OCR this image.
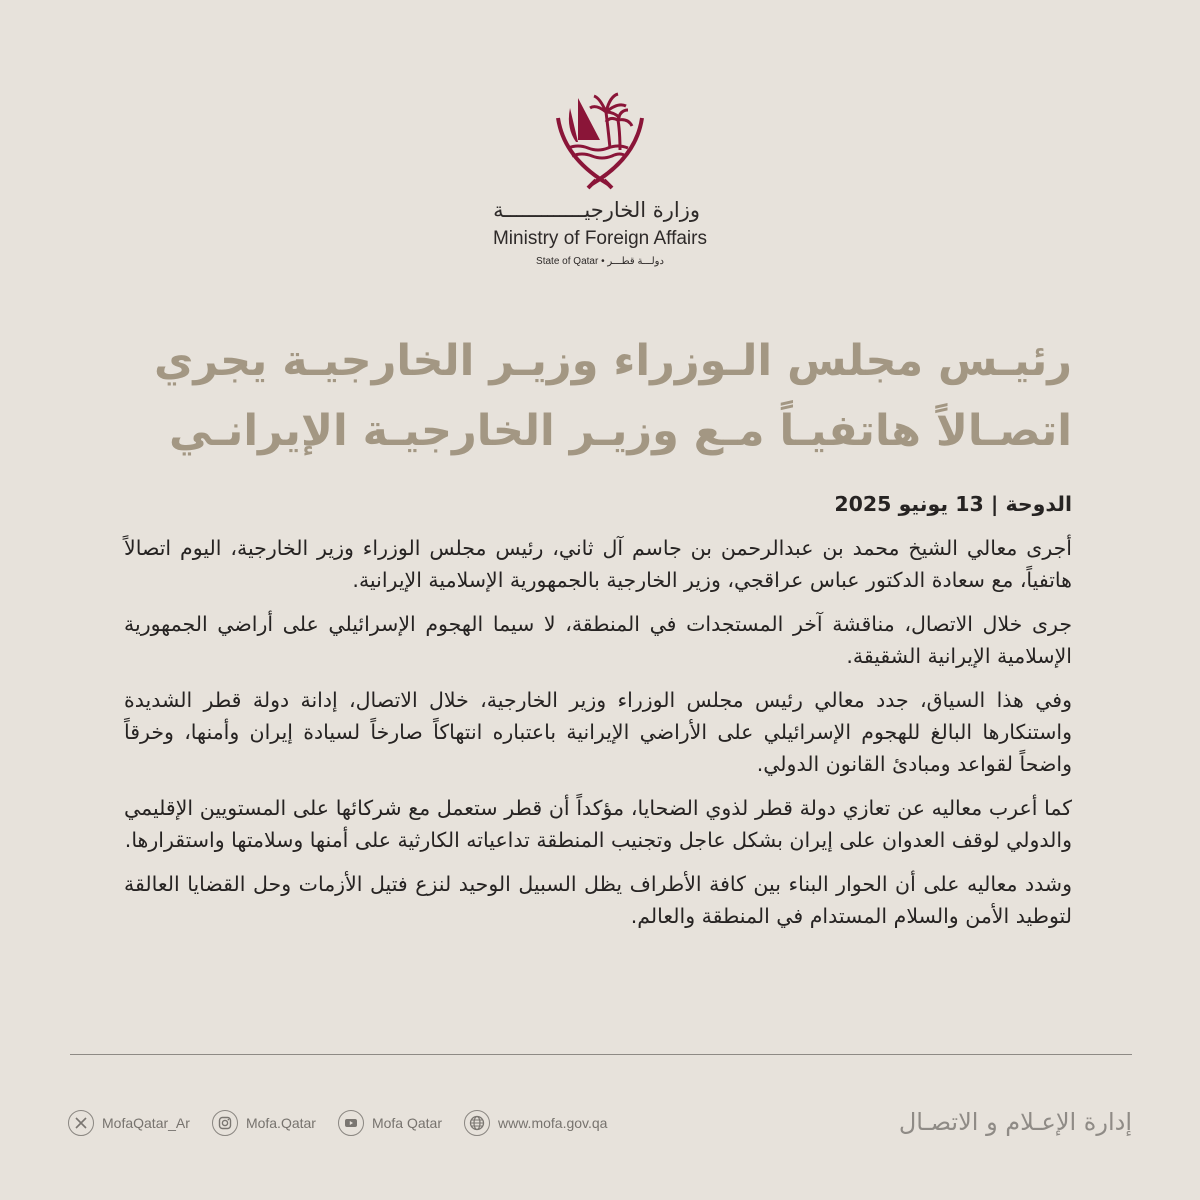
وزارة الخارجيـــــــــــــة
Ministry of Foreign Affairs
State of Qatar • دولـــة قطـــر
رئيـس مجلس الـوزراء وزيـر الخارجيـة يجري
اتصـالاً هاتفيـاً مـع وزيـر الخارجيـة الإيرانـي
الدوحة | 13 يونيو 2025

أجرى معالي الشيخ محمد بن عبدالرحمن بن جاسم آل ثاني، رئيس مجلس الوزراء وزير الخارجية، اليوم اتصالاً هاتفياً، مع سعادة الدكتور عباس عراقجي، وزير الخارجية بالجمهورية الإسلامية الإيرانية.

جرى خلال الاتصال، مناقشة آخر المستجدات في المنطقة، لا سيما الهجوم الإسرائيلي على أراضي الجمهورية الإسلامية الإيرانية الشقيقة.

وفي هذا السياق، جدد معالي رئيس مجلس الوزراء وزير الخارجية، خلال الاتصال، إدانة دولة قطر الشديدة واستنكارها البالغ للهجوم الإسرائيلي على الأراضي الإيرانية باعتباره انتهاكاً صارخاً لسيادة إيران وأمنها، وخرقاً واضحاً لقواعد ومبادئ القانون الدولي.

كما أعرب معاليه عن تعازي دولة قطر لذوي الضحايا، مؤكداً أن قطر ستعمل مع شركائها على المستويين الإقليمي والدولي لوقف العدوان على إيران بشكل عاجل وتجنيب المنطقة تداعياته الكارثية على أمنها وسلامتها واستقرارها.

وشدد معاليه على أن الحوار البناء بين كافة الأطراف يظل السبيل الوحيد لنزع فتيل الأزمات وحل القضايا العالقة لتوطيد الأمن والسلام المستدام في المنطقة والعالم.

MofaQatar_Ar	Mofa.Qatar	Mofa Qatar	www.mofa.gov.qa	إدارة الإعـلام و الاتصـال
